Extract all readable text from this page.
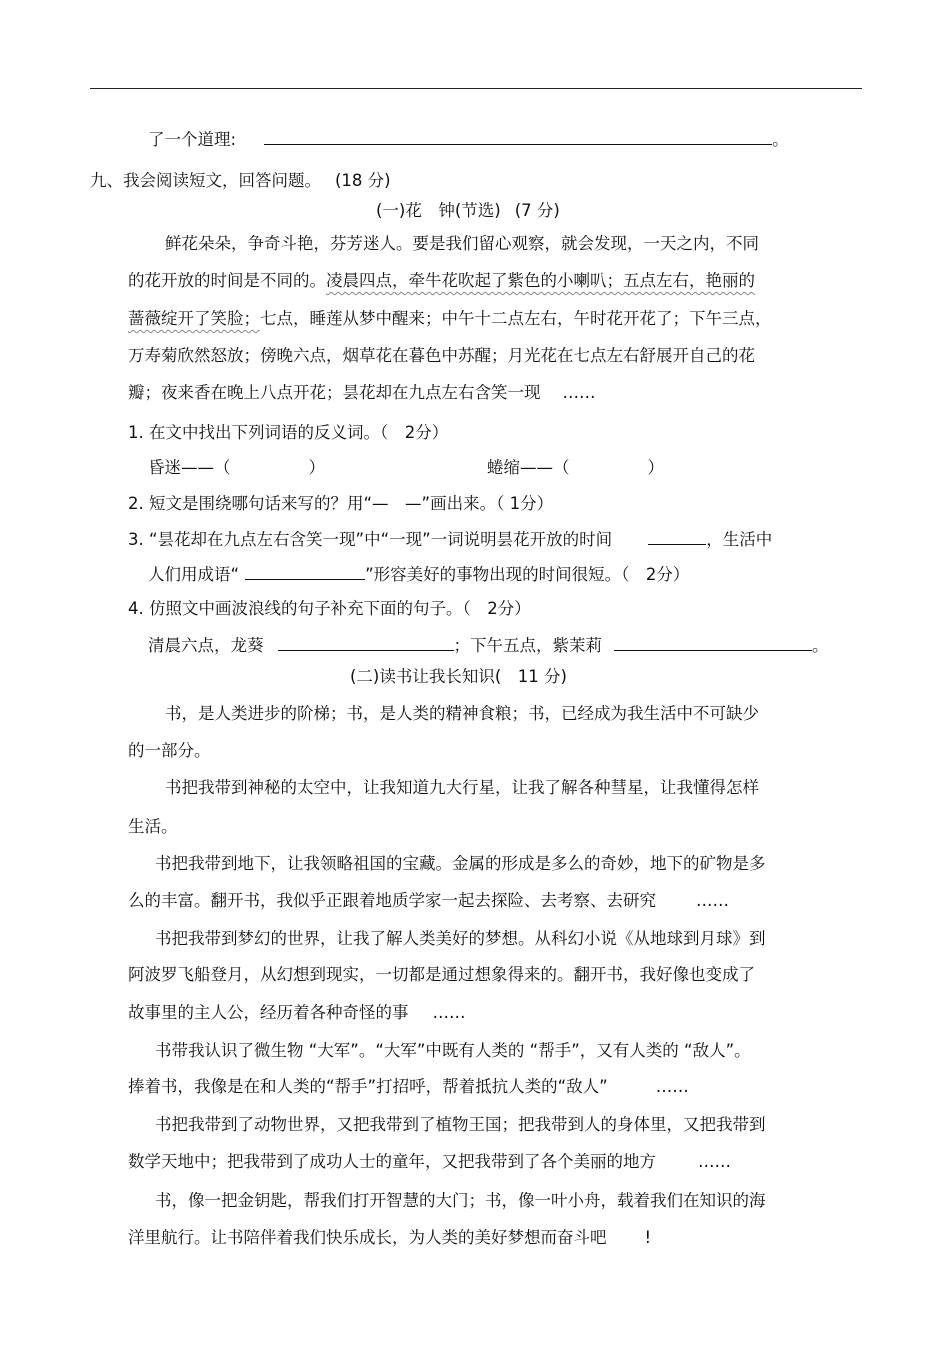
了一个道理:	。
九、我会阅读短文，回答问题。 (18 分)
(一)花　钟(节选) (7 分)
鲜花朵朵，争奇斗艳，芬芳迷人。要是我们留心观察，就会发现，一天之内，不同
的花开放的时间是不同的。凌晨四点，牵牛花吹起了紫色的小喇叭；五点左右，艳丽的
蔷薇绽开了笑脸；七点，睡莲从梦中醒来；中午十二点左右，午时花开花了；下午三点，
万寿菊欣然怒放；傍晚六点，烟草花在暮色中苏醒；月光花在七点左右舒展开自己的花
瓣；夜来香在晚上八点开花；昙花却在九点左右含笑一现 ……
1. 在文中找出下列词语的反义词。（　2分）
昏迷——（	）	蜷缩——（	）
2. 短文是围绕哪句话来写的？用“—　—”画出来。（ 1分）
3. “昙花却在九点左右含笑一现”中“一现”一词说明昙花开放的时间	，生活中
人们用成语“	”形容美好的事物出现的时间很短。（　2分）
4. 仿照文中画波浪线的句子补充下面的句子。（　2分）
清晨六点，龙葵	；下午五点，紫茉莉	。
(二)读书让我长知识(　11 分)
书，是人类进步的阶梯；书，是人类的精神食粮；书，已经成为我生活中不可缺少
的一部分。
书把我带到神秘的太空中，让我知道九大行星，让我了解各种彗星，让我懂得怎样
生活。
书把我带到地下，让我领略祖国的宝藏。金属的形成是多么的奇妙，地下的矿物是多
么的丰富。翻开书，我似乎正跟着地质学家一起去探险、去考察、去研究 ……
书把我带到梦幻的世界，让我了解人类美好的梦想。从科幻小说《从地球到月球》到
阿波罗飞船登月，从幻想到现实，一切都是通过想象得来的。翻开书，我好像也变成了
故事里的主人公，经历着各种奇怪的事 ……
书带我认识了微生物 “大军”。“大军”中既有人类的 “帮手”，又有人类的 “敌人”。
捧着书，我像是在和人类的“帮手”打招呼，帮着抵抗人类的“敌人”	……
书把我带到了动物世界，又把我带到了植物王国；把我带到人的身体里，又把我带到
数学天地中；把我带到了成功人士的童年，又把我带到了各个美丽的地方	……
书，像一把金钥匙，帮我们打开智慧的大门；书，像一叶小舟，载着我们在知识的海
洋里航行。让书陪伴着我们快乐成长，为人类的美好梦想而奋斗吧 !
